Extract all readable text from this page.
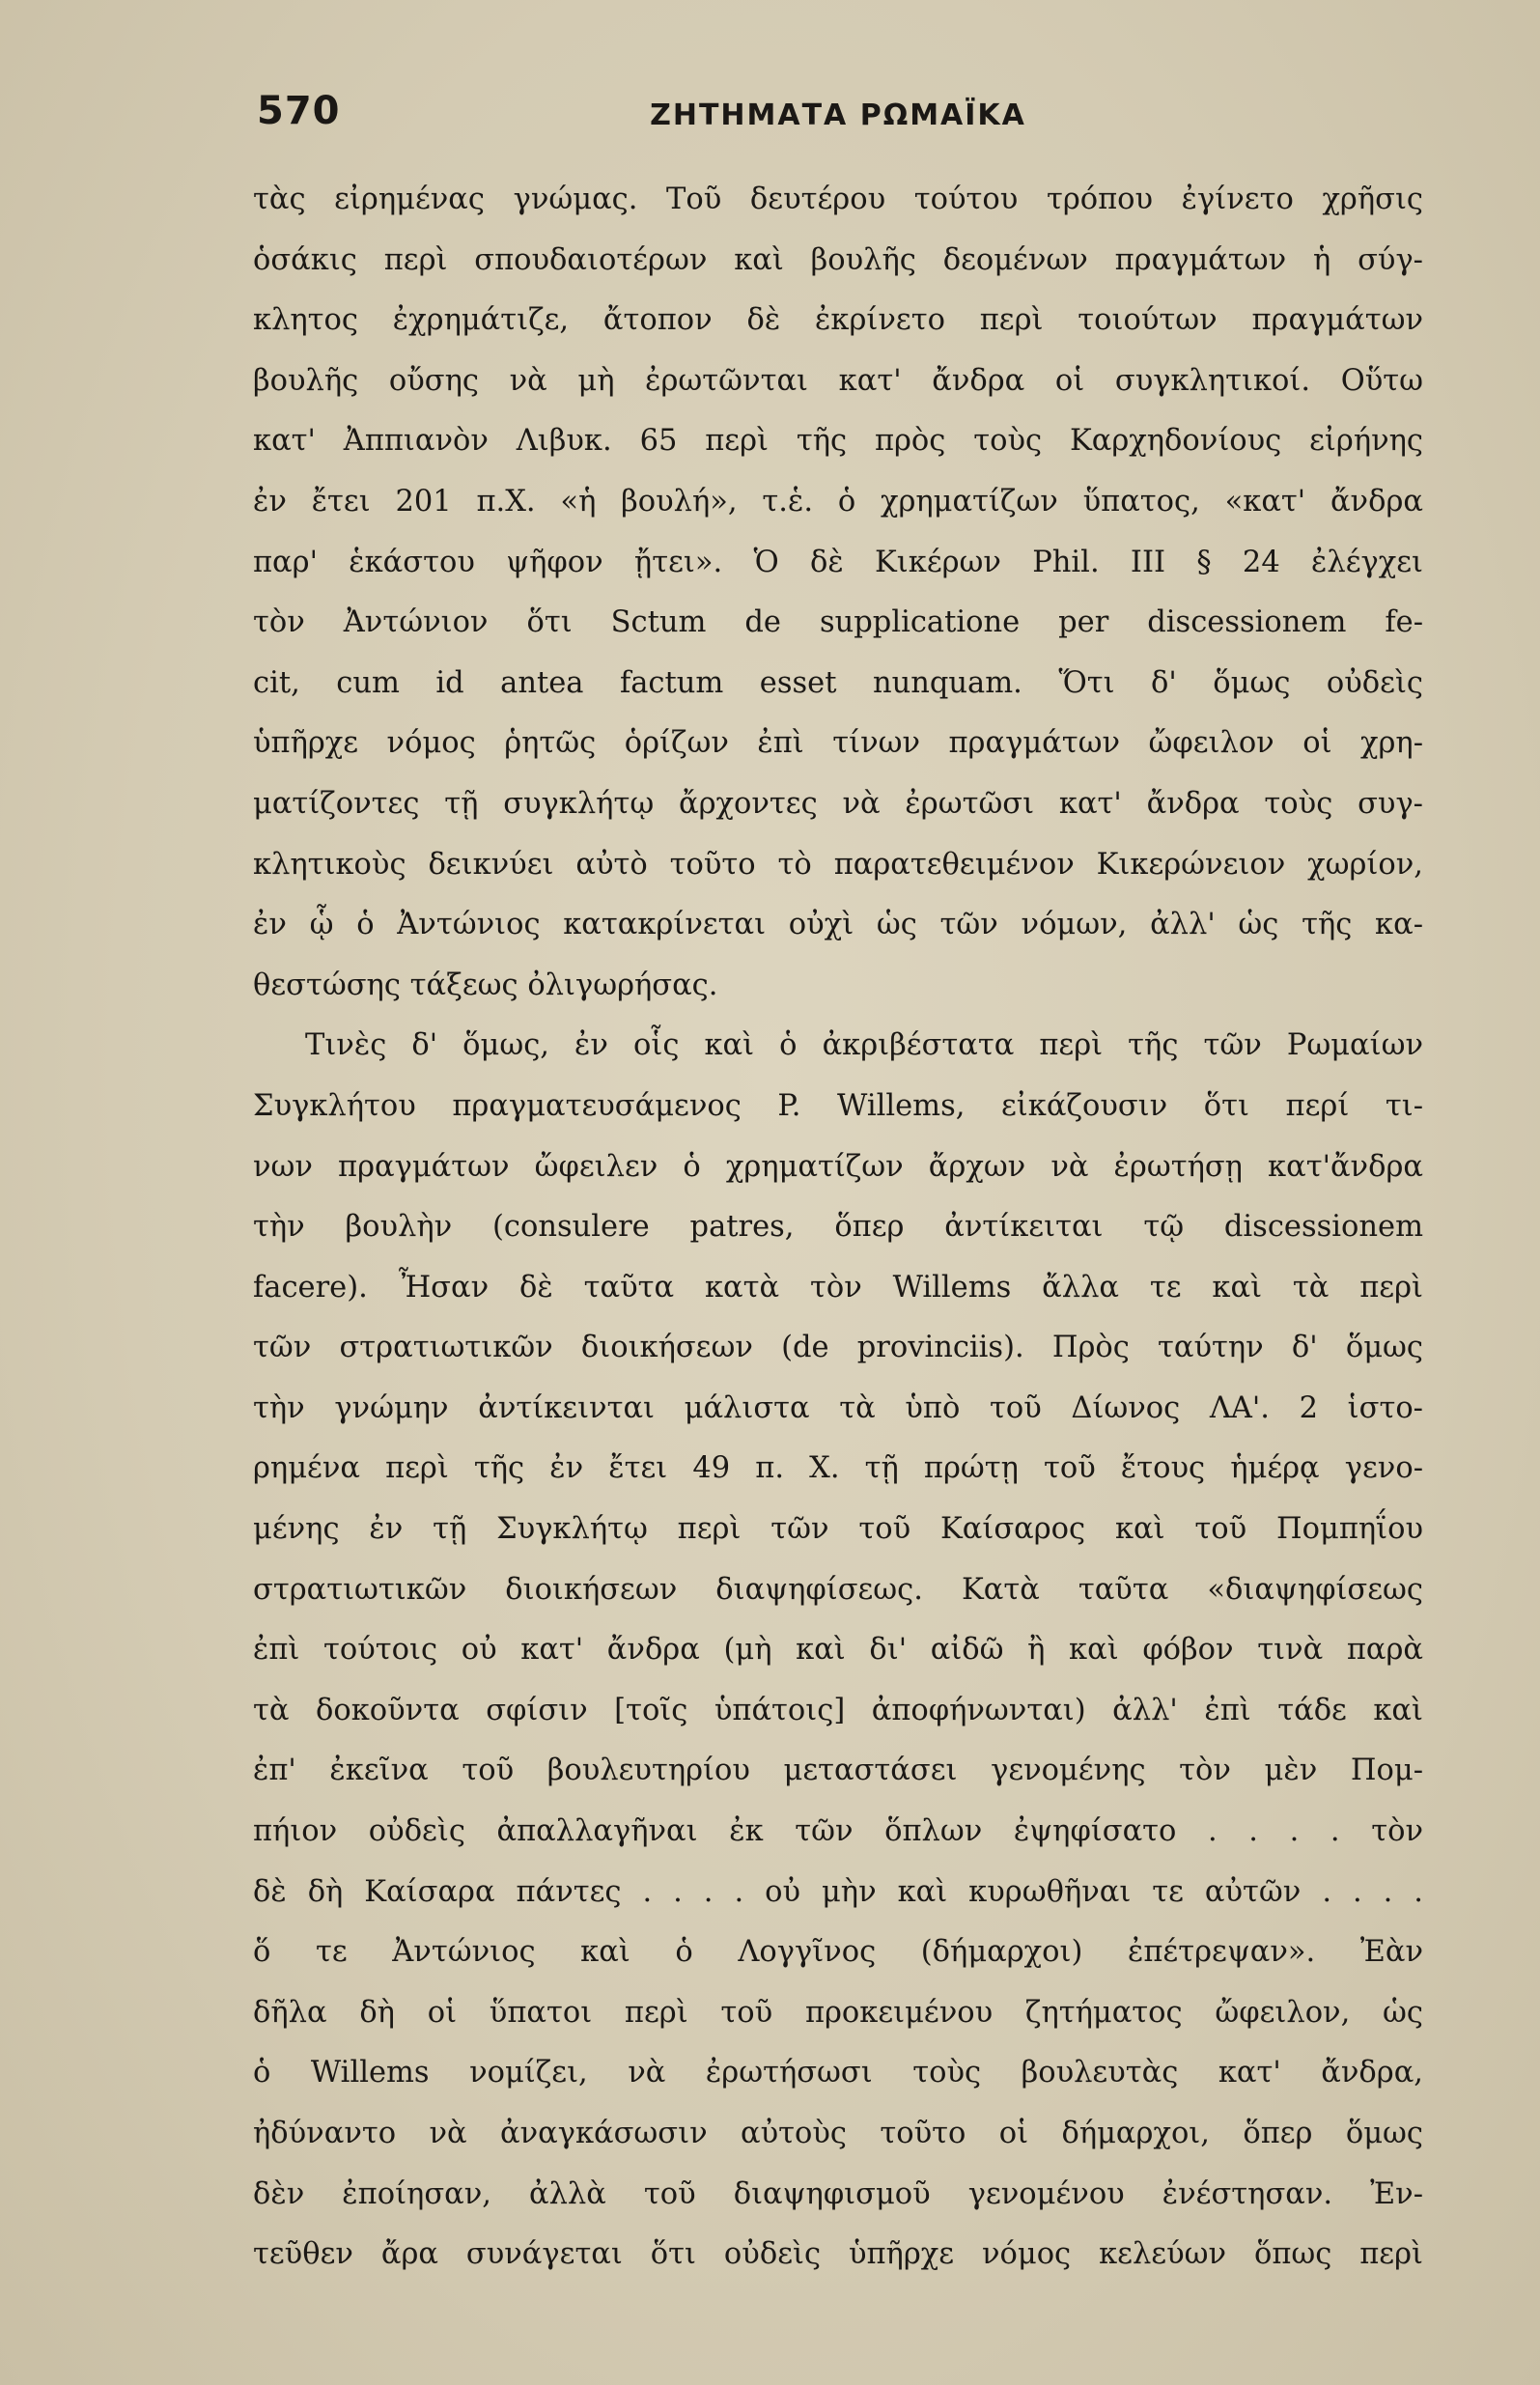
570	ΖΗΤΗΜΑΤΑ ΡΩΜΑΪΚΑ
τὰς εἰρημένας γνώμας. Τοῦ δευτέρου τούτου τρόπου ἐγίνετο χρῆσις
ὁσάκις περὶ σπουδαιοτέρων καὶ βουλῆς δεομένων πραγμάτων ἡ σύγ-
κλητος ἐχρημάτιζε, ἄτοπον δὲ ἐκρίνετο περὶ τοιούτων πραγμάτων
βουλῆς οὔσης νὰ μὴ ἐρωτῶνται κατ' ἄνδρα οἱ συγκλητικοί. Οὕτω
κατ' Ἀππιανὸν Λιβυκ. 65 περὶ τῆς πρὸς τοὺς Καρχηδονίους εἰρήνης
ἐν ἔτει 201 π.Χ. «ἡ βουλή», τ.ἑ. ὁ χρηματίζων ὕπατος, «κατ' ἄνδρα
παρ' ἑκάστου ψῆφον ᾔτει». Ὁ δὲ Κικέρων Phil. III § 24 ἐλέγχει
τὸν Ἀντώνιον ὅτι Sctum de supplicatione per discessionem fe-
cit, cum id antea factum esset nunquam. Ὅτι δ' ὅμως οὐδεὶς
ὑπῆρχε νόμος ῥητῶς ὁρίζων ἐπὶ τίνων πραγμάτων ὤφειλον οἱ χρη-
ματίζοντες τῇ συγκλήτῳ ἄρχοντες νὰ ἐρωτῶσι κατ' ἄνδρα τοὺς συγ-
κλητικοὺς δεικνύει αὐτὸ τοῦτο τὸ παρατεθειμένον Κικερώνειον χωρίον,
ἐν ᾧ ὁ Ἀντώνιος κατακρίνεται οὐχὶ ὡς τῶν νόμων, ἀλλ' ὡς τῆς κα-
θεστώσης τάξεως ὀλιγωρήσας.
Τινὲς δ' ὅμως, ἐν οἷς καὶ ὁ ἀκριβέστατα περὶ τῆς τῶν Ρωμαίων
Συγκλήτου πραγματευσάμενος P. Willems, εἰκάζουσιν ὅτι περί τι-
νων πραγμάτων ὤφειλεν ὁ χρηματίζων ἄρχων νὰ ἐρωτήσῃ κατ'ἄνδρα
τὴν βουλὴν (consulere patres, ὅπερ ἀντίκειται τῷ discessionem
facere). Ἦσαν δὲ ταῦτα κατὰ τὸν Willems ἄλλα τε καὶ τὰ περὶ
τῶν στρατιωτικῶν διοικήσεων (de provinciis). Πρὸς ταύτην δ' ὅμως
τὴν γνώμην ἀντίκεινται μάλιστα τὰ ὑπὸ τοῦ Δίωνος ΛΑ'. 2 ἱστο-
ρημένα περὶ τῆς ἐν ἔτει 49 π. Χ. τῇ πρώτῃ τοῦ ἔτους ἡμέρᾳ γενο-
μένης ἐν τῇ Συγκλήτῳ περὶ τῶν τοῦ Καίσαρος καὶ τοῦ Πομπηΐου
στρατιωτικῶν διοικήσεων διαψηφίσεως. Κατὰ ταῦτα «διαψηφίσεως
ἐπὶ τούτοις οὐ κατ' ἄνδρα (μὴ καὶ δι' αἰδῶ ἢ καὶ φόβον τινὰ παρὰ
τὰ δοκοῦντα σφίσιν [τοῖς ὑπάτοις] ἀποφήνωνται) ἀλλ' ἐπὶ τάδε καὶ
ἐπ' ἐκεῖνα τοῦ βουλευτηρίου μεταστάσει γενομένης τὸν μὲν Πομ-
πήιον οὐδεὶς ἀπαλλαγῆναι ἐκ τῶν ὅπλων ἐψηφίσατο . . . . τὸν
δὲ δὴ Καίσαρα πάντες . . . . οὐ μὴν καὶ κυρωθῆναι τε αὐτῶν . . . .
ὅ τε Ἀντώνιος καὶ ὁ Λογγῖνος (δήμαρχοι) ἐπέτρεψαν». Ἐὰν
δῆλα δὴ οἱ ὕπατοι περὶ τοῦ προκειμένου ζητήματος ὤφειλον, ὡς
ὁ Willems νομίζει, νὰ ἐρωτήσωσι τοὺς βουλευτὰς κατ' ἄνδρα,
ἠδύναντο νὰ ἀναγκάσωσιν αὐτοὺς τοῦτο οἱ δήμαρχοι, ὅπερ ὅμως
δὲν ἐποίησαν, ἀλλὰ τοῦ διαψηφισμοῦ γενομένου ἐνέστησαν. Ἐν-
τεῦθεν ἄρα συνάγεται ὅτι οὐδεὶς ὑπῆρχε νόμος κελεύων ὅπως περὶ
